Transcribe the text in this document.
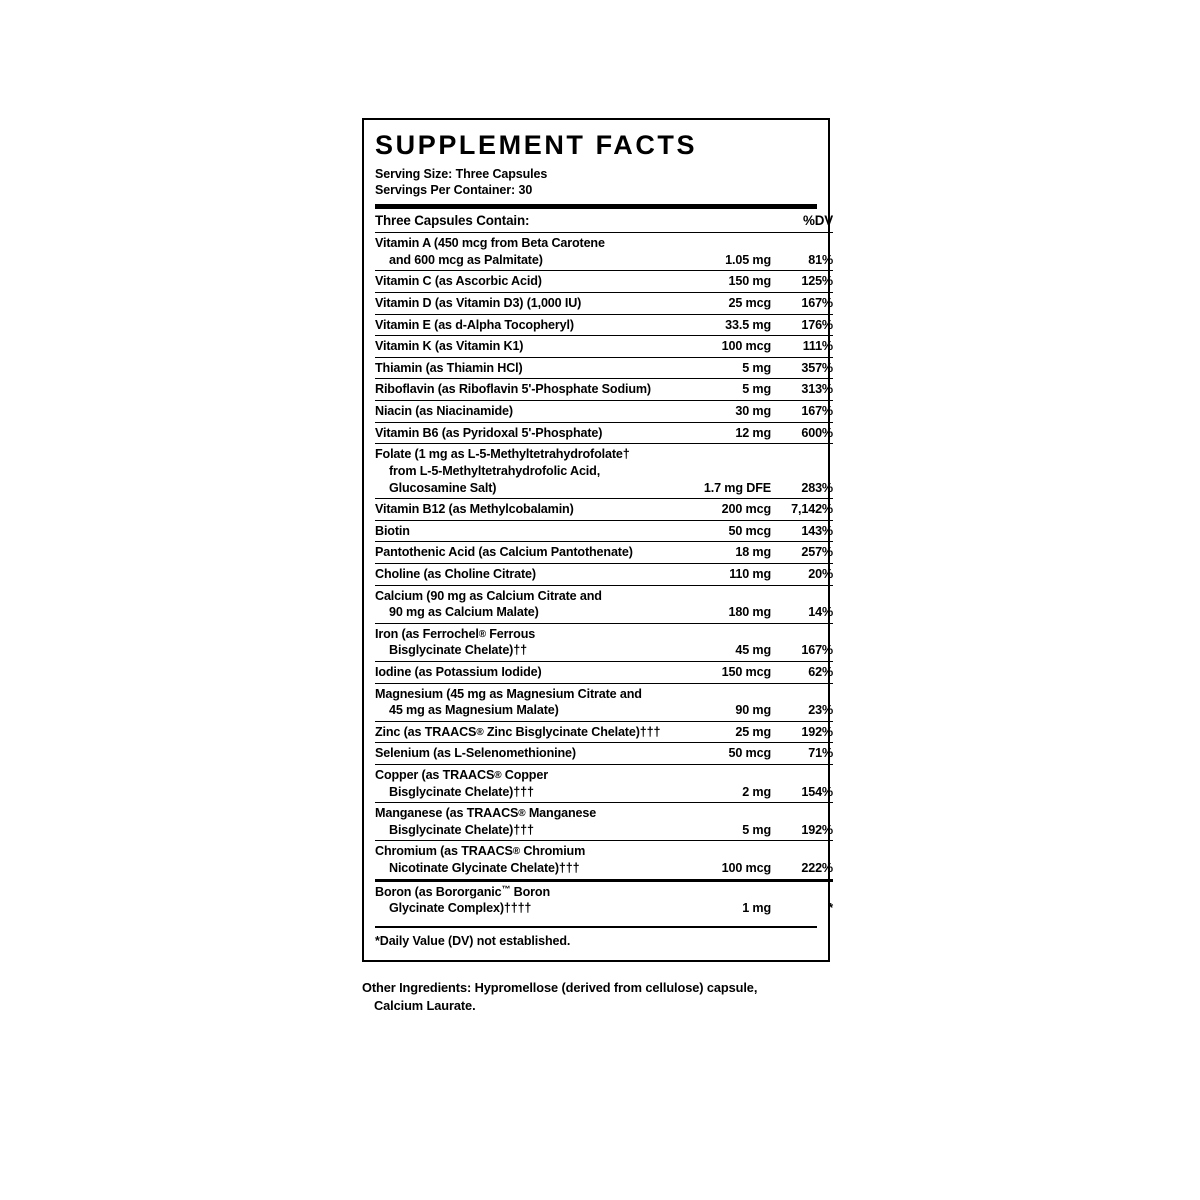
SUPPLEMENT FACTS
Serving Size: Three Capsules
Servings Per Container: 30
Three Capsules Contain:		%DV
Vitamin A (450 mcg from Beta Carotene
and 600 mcg as Palmitate)	1.05 mg	81%
Vitamin C (as Ascorbic Acid)	150 mg	125%
Vitamin D (as Vitamin D3) (1,000 IU)	25 mcg	167%
Vitamin E (as d-Alpha Tocopheryl)	33.5 mg	176%
Vitamin K (as Vitamin K1)	100 mcg	111%
Thiamin (as Thiamin HCl)	5 mg	357%
Riboflavin (as Riboflavin 5'-Phosphate Sodium)	5 mg	313%
Niacin (as Niacinamide)	30 mg	167%
Vitamin B6 (as Pyridoxal 5'-Phosphate)	12 mg	600%
Folate (1 mg as L-5-Methyltetrahydrofolate†
from L-5-Methyltetrahydrofolic Acid,
Glucosamine Salt)	1.7 mg DFE	283%
Vitamin B12 (as Methylcobalamin)	200 mcg	7,142%
Biotin	50 mcg	143%
Pantothenic Acid (as Calcium Pantothenate)	18 mg	257%
Choline (as Choline Citrate)	110 mg	20%
Calcium (90 mg as Calcium Citrate and
90 mg as Calcium Malate)	180 mg	14%
Iron (as Ferrochel® Ferrous
Bisglycinate Chelate)††	45 mg	167%
Iodine (as Potassium Iodide)	150 mcg	62%
Magnesium (45 mg as Magnesium Citrate and
45 mg as Magnesium Malate)	90 mg	23%
Zinc (as TRAACS® Zinc Bisglycinate Chelate)†††	25 mg	192%
Selenium (as L-Selenomethionine)	50 mcg	71%
Copper (as TRAACS® Copper
Bisglycinate Chelate)†††	2 mg	154%
Manganese (as TRAACS® Manganese
Bisglycinate Chelate)†††	5 mg	192%
Chromium (as TRAACS® Chromium
Nicotinate Glycinate Chelate)†††	100 mcg	222%
Boron (as Bororganic™ Boron
Glycinate Complex)††††	1 mg	*
*Daily Value (DV) not established.
Other Ingredients: Hypromellose (derived from cellulose) capsule,
Calcium Laurate.
